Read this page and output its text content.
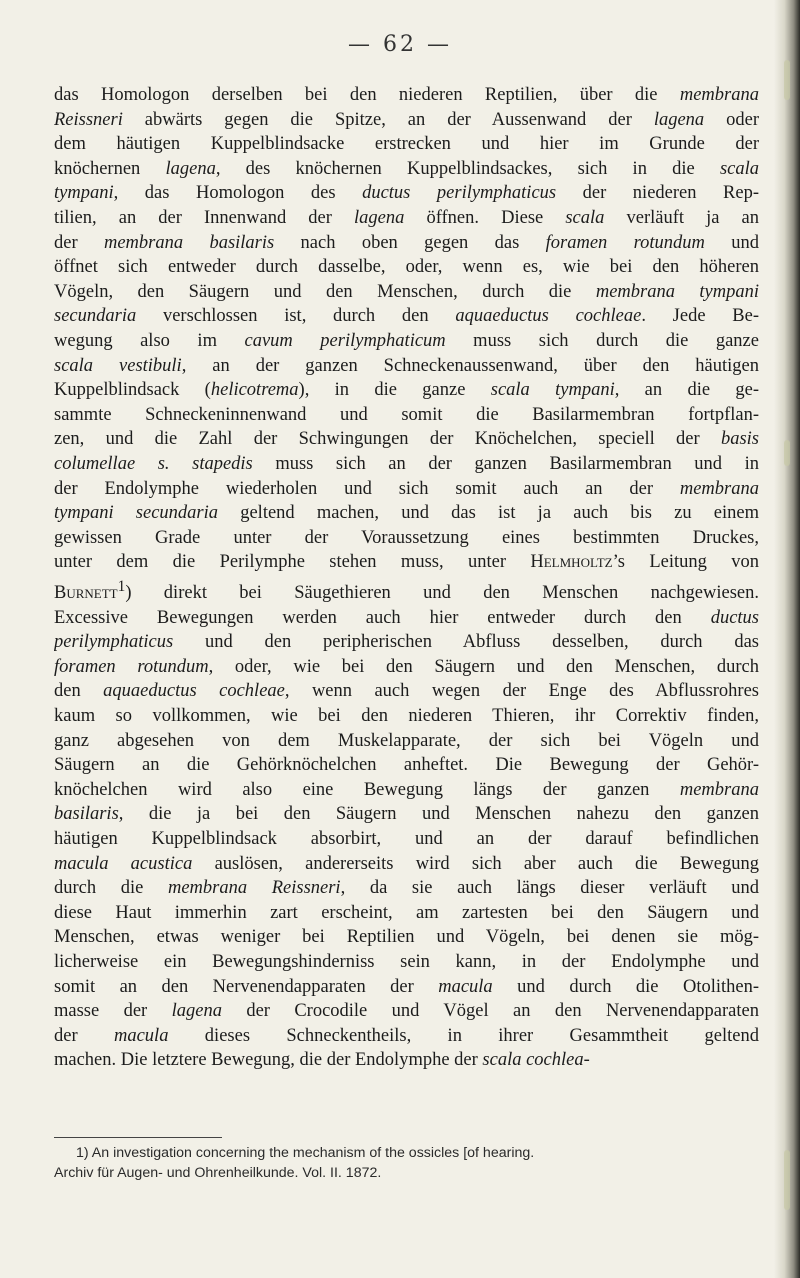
— 62 —
das Homologon derselben bei den niederen Reptilien, über die membrana
Reissneri abwärts gegen die Spitze, an der Aussenwand der lagena oder
dem häutigen Kuppelblindsacke erstrecken und hier im Grunde der
knöchernen lagena, des knöchernen Kuppelblindsackes, sich in die scala
tympani, das Homologon des ductus perilymphaticus der niederen Rep-
tilien, an der Innenwand der lagena öffnen. Diese scala verläuft ja an
der membrana basilaris nach oben gegen das foramen rotundum und
öffnet sich entweder durch dasselbe, oder, wenn es, wie bei den höheren
Vögeln, den Säugern und den Menschen, durch die membrana tympani
secundaria verschlossen ist, durch den aquaeductus cochleae. Jede Be-
wegung also im cavum perilymphaticum muss sich durch die ganze
scala vestibuli, an der ganzen Schneckenaussenwand, über den häutigen
Kuppelblindsack (helicotrema), in die ganze scala tympani, an die ge-
sammte Schneckeninnenwand und somit die Basilarmembran fortpflan-
zen, und die Zahl der Schwingungen der Knöchelchen, speciell der basis
columellae s. stapedis muss sich an der ganzen Basilarmembran und in
der Endolymphe wiederholen und sich somit auch an der membrana
tympani secundaria geltend machen, und das ist ja auch bis zu einem
gewissen Grade unter der Voraussetzung eines bestimmten Druckes,
unter dem die Perilymphe stehen muss, unter Helmholtz’s Leitung von
Burnett$^1$) direkt bei Säugethieren und den Menschen nachgewiesen.
Excessive Bewegungen werden auch hier entweder durch den ductus
perilymphaticus und den peripherischen Abfluss desselben, durch das
foramen rotundum, oder, wie bei den Säugern und den Menschen, durch
den aquaeductus cochleae, wenn auch wegen der Enge des Abflussrohres
kaum so vollkommen, wie bei den niederen Thieren, ihr Correktiv finden,
ganz abgesehen von dem Muskelapparate, der sich bei Vögeln und
Säugern an die Gehörknöchelchen anheftet. Die Bewegung der Gehör-
knöchelchen wird also eine Bewegung längs der ganzen membrana
basilaris, die ja bei den Säugern und Menschen nahezu den ganzen
häutigen Kuppelblindsack absorbirt, und an der darauf befindlichen
macula acustica auslösen, andererseits wird sich aber auch die Bewegung
durch die membrana Reissneri, da sie auch längs dieser verläuft und
diese Haut immerhin zart erscheint, am zartesten bei den Säugern und
Menschen, etwas weniger bei Reptilien und Vögeln, bei denen sie mög-
licherweise ein Bewegungshinderniss sein kann, in der Endolymphe und
somit an den Nervenendapparaten der macula und durch die Otolithen-
masse der lagena der Crocodile und Vögel an den Nervenendapparaten
der macula dieses Schneckentheils, in ihrer Gesammtheit geltend
machen. Die letztere Bewegung, die der Endolymphe der scala cochlea-
1) An investigation concerning the mechanism of the ossicles [of hearing.
Archiv für Augen- und Ohrenheilkunde. Vol. II. 1872.
